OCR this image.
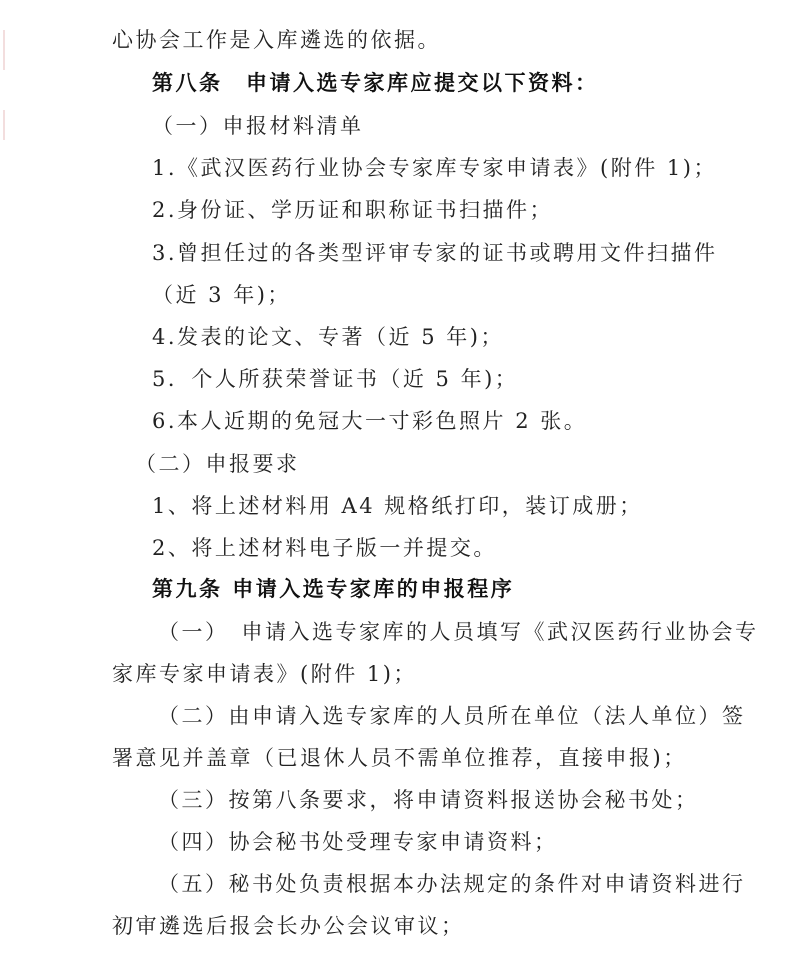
心协会工作是入库遴选的依据。
第八条　申请入选专家库应提交以下资料：
（一）申报材料清单
1.《武汉医药行业协会专家库专家申请表》(附件 1)；
2.身份证、学历证和职称证书扫描件；
3.曾担任过的各类型评审专家的证书或聘用文件扫描件
（近 3 年)；
4.发表的论文、专著（近 5 年)；
5．个人所获荣誉证书（近 5 年)；
6.本人近期的免冠大一寸彩色照片 2 张。
（二）申报要求
1、将上述材料用 A4 规格纸打印，装订成册；
2、将上述材料电子版一并提交。
第九条 申请入选专家库的申报程序
（一）　申请入选专家库的人员填写《武汉医药行业协会专
家库专家申请表》(附件 1)；
（二）由申请入选专家库的人员所在单位（法人单位）签
署意见并盖章（已退休人员不需单位推荐，直接申报)；
（三）按第八条要求，将申请资料报送协会秘书处；
（四）协会秘书处受理专家申请资料；
（五）秘书处负责根据本办法规定的条件对申请资料进行
初审遴选后报会长办公会议审议；
